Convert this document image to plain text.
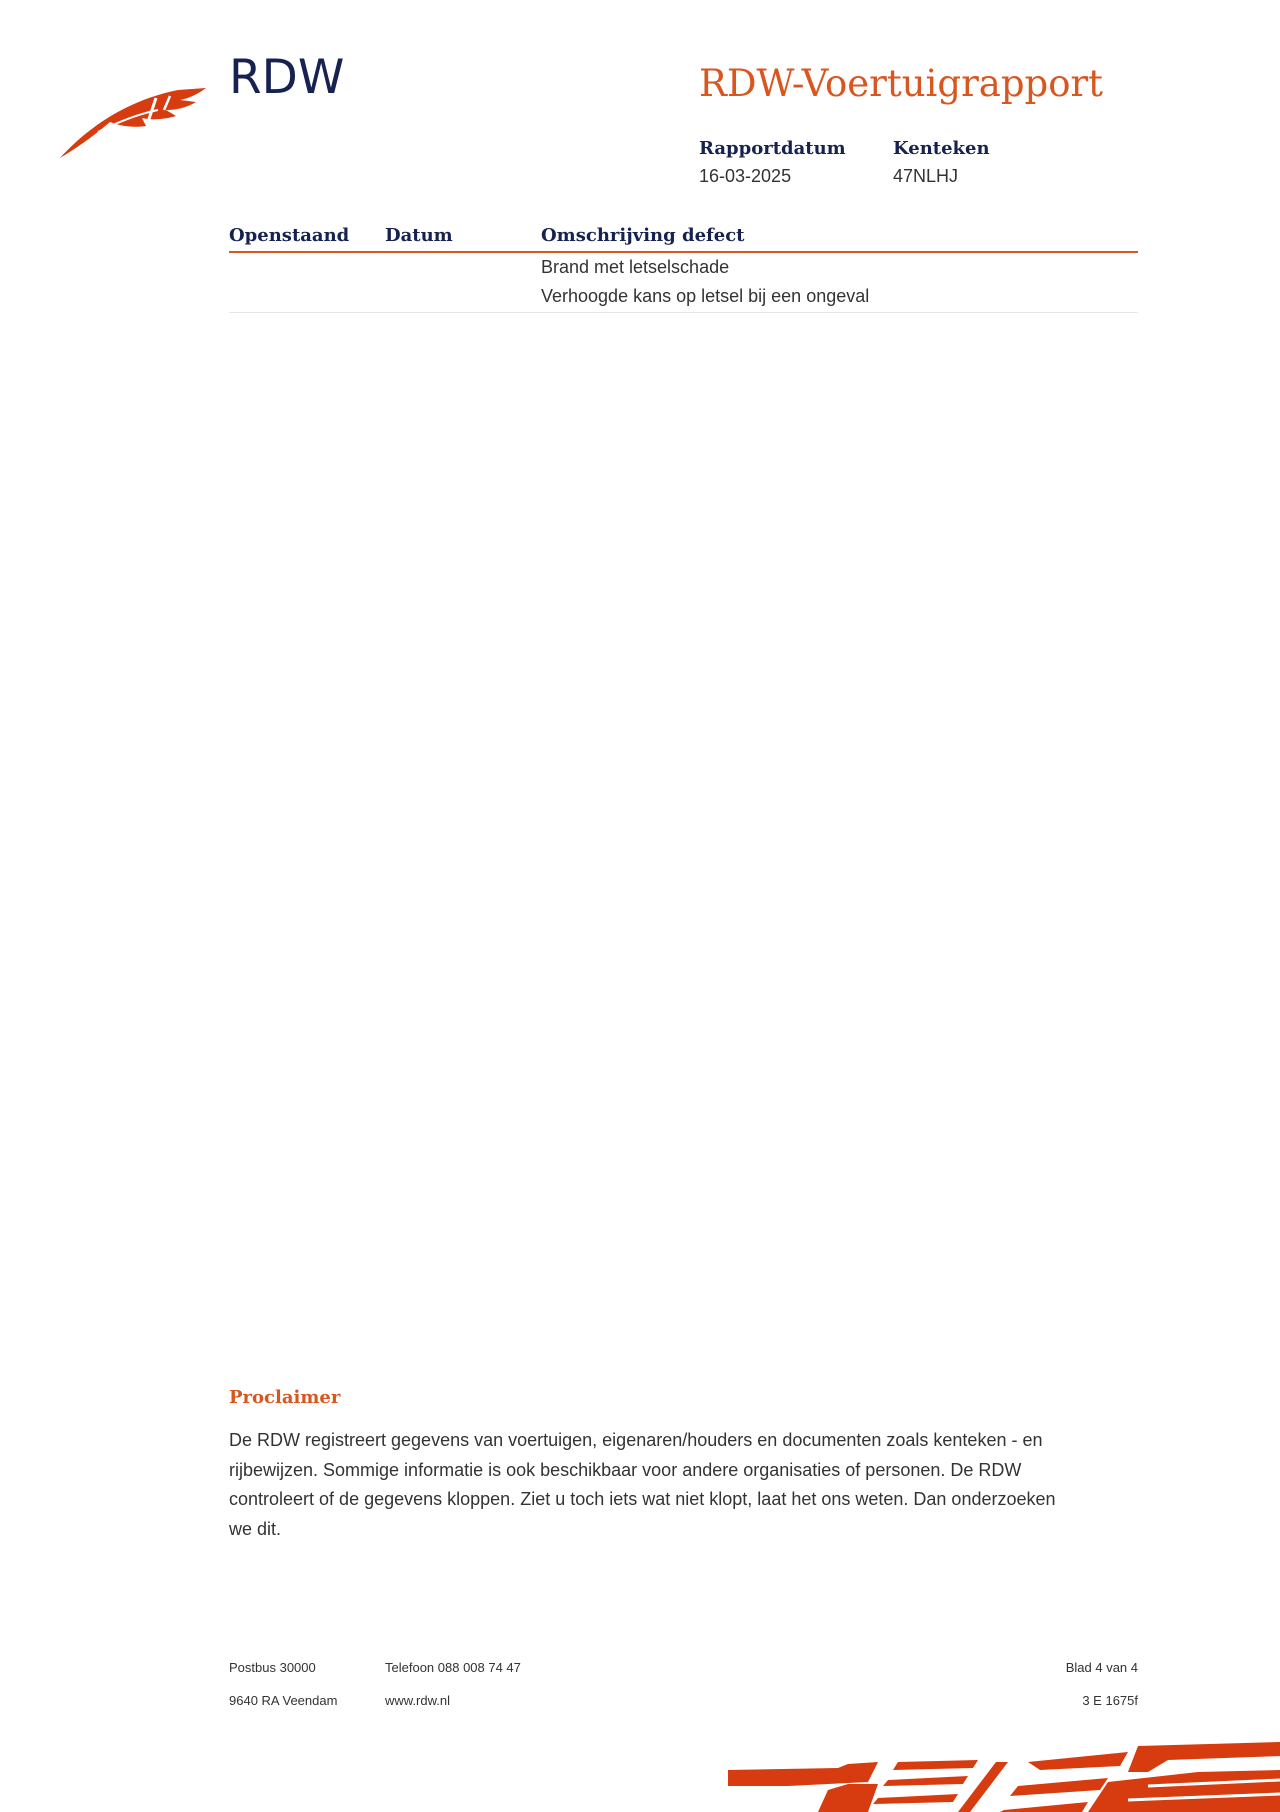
RDW	RDW-Voertuigrapport
Rapportdatum
16-03-2025
Kenteken
47NLHJ
Openstaand Datum	Omschrijving defect
Brand met letselschade
Verhoogde kans op letsel bij een ongeval
Proclaimer
De RDW registreert gegevens van voertuigen, eigenaren/houders en documenten zoals kenteken - en
rijbewijzen. Sommige informatie is ook beschikbaar voor andere organisaties of personen. De RDW
controleert of de gegevens kloppen. Ziet u toch iets wat niet klopt, laat het ons weten. Dan onderzoeken
we dit.
Postbus 30000
9640 RA Veendam
Telefoon 088 008 74 47
www.rdw.nl
Blad 4 van 4
3 E 1675f
